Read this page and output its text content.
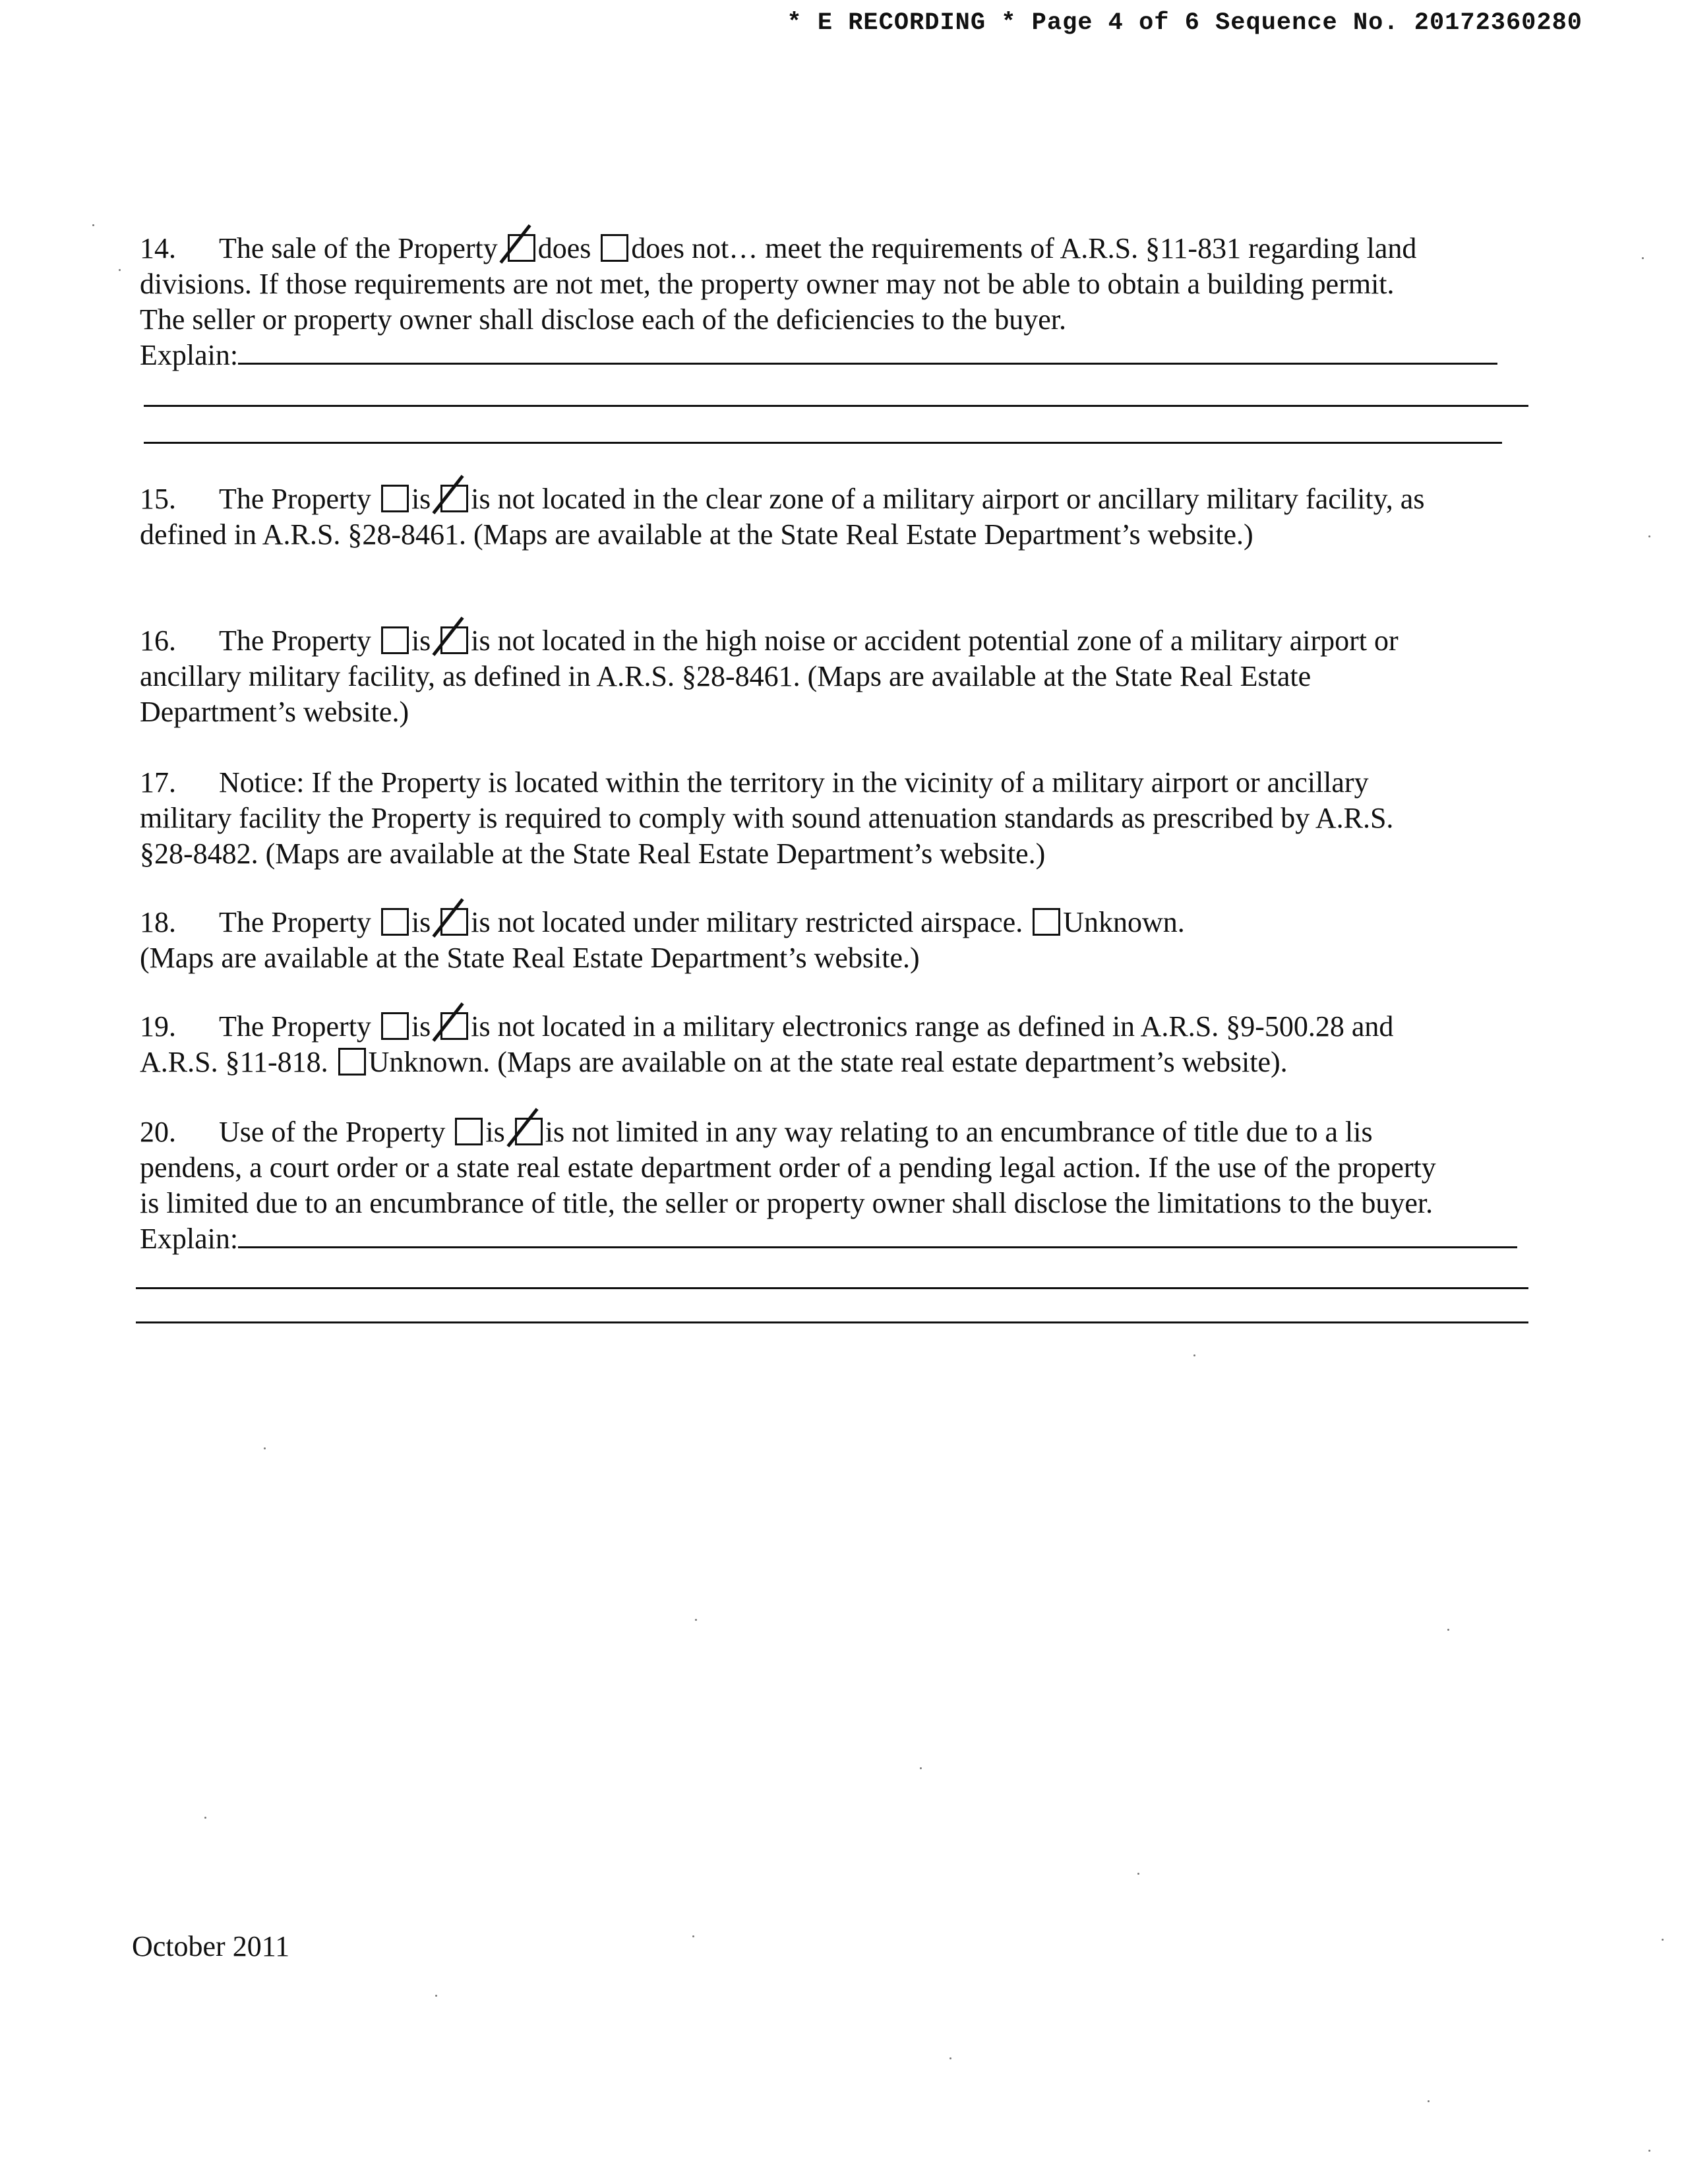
* E RECORDING * Page 4 of 6 Sequence No. 20172360280
14. The sale of the Property does does not… meet the requirements of A.R.S. §11-831 regarding land
divisions. If those requirements are not met, the property owner may not be able to obtain a building permit.
The seller or property owner shall disclose each of the deficiencies to the buyer.
Explain:
15. The Property is is not located in the clear zone of a military airport or ancillary military facility, as
defined in A.R.S. §28-8461. (Maps are available at the State Real Estate Department’s website.)
16. The Property is is not located in the high noise or accident potential zone of a military airport or
ancillary military facility, as defined in A.R.S. §28-8461. (Maps are available at the State Real Estate
Department’s website.)
17. Notice: If the Property is located within the territory in the vicinity of a military airport or ancillary
military facility the Property is required to comply with sound attenuation standards as prescribed by A.R.S.
§28-8482. (Maps are available at the State Real Estate Department’s website.)
18. The Property is is not located under military restricted airspace. Unknown.
(Maps are available at the State Real Estate Department’s website.)
19. The Property is is not located in a military electronics range as defined in A.R.S. §9-500.28 and
A.R.S. §11-818. Unknown. (Maps are available on at the state real estate department’s website).
20. Use of the Property is is not limited in any way relating to an encumbrance of title due to a lis
pendens, a court order or a state real estate department order of a pending legal action. If the use of the property
is limited due to an encumbrance of title, the seller or property owner shall disclose the limitations to the buyer.
Explain:
October 2011
